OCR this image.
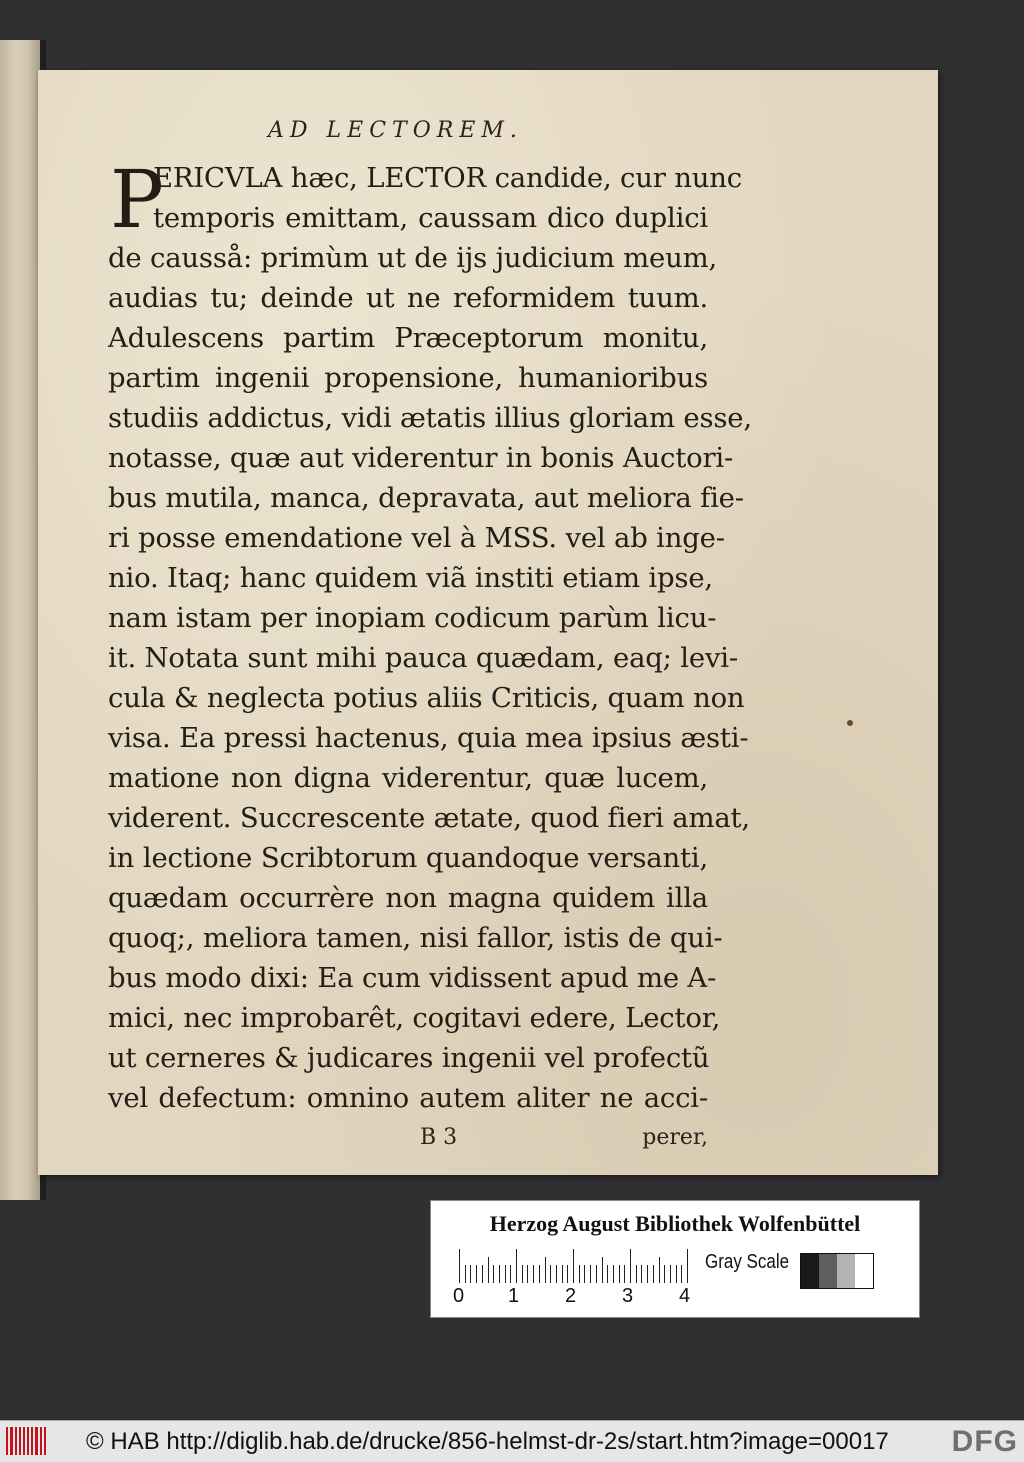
AD LECTOREM.
P
ERICVLA hæc, LECTOR candide, cur nunc
temporis emittam, caussam dico duplici
de causså: primùm ut de ijs judicium meum,
audias tu; deinde ut ne reformidem tuum.
Adulescens partim Præceptorum monitu,
partim ingenii propensione, humanioribus
studiis addictus, vidi ætatis illius gloriam esse,
notasse, quæ aut viderentur in bonis Auctori-
bus mutila, manca, depravata, aut meliora fie-
ri posse emendatione vel à MSS. vel ab inge-
nio. Itaq; hanc quidem viã institi etiam ipse,
nam istam per inopiam codicum parùm licu-
it. Notata sunt mihi pauca quædam, eaq; levi-
cula & neglecta potius aliis Criticis, quam non
visa. Ea pressi hactenus, quia mea ipsius æsti-
matione non digna viderentur, quæ lucem,
viderent. Succrescente ætate, quod fieri amat,
in lectione Scribtorum quandoque versanti,
quædam occurrère non magna quidem illa
quoq;, meliora tamen, nisi fallor, istis de qui-
bus modo dixi: Ea cum vidissent apud me A-
mici, nec improbarêt, cogitavi edere, Lector,
ut cerneres & judicares ingenii vel profectũ
vel defectum: omnino autem aliter ne acci-
B 3	perer,
Herzog August Bibliothek Wolfenbüttel
0 1 2 3 4
Gray Scale
© HAB http://diglib.hab.de/drucke/856-helmst-dr-2s/start.htm?image=00017 DFG
